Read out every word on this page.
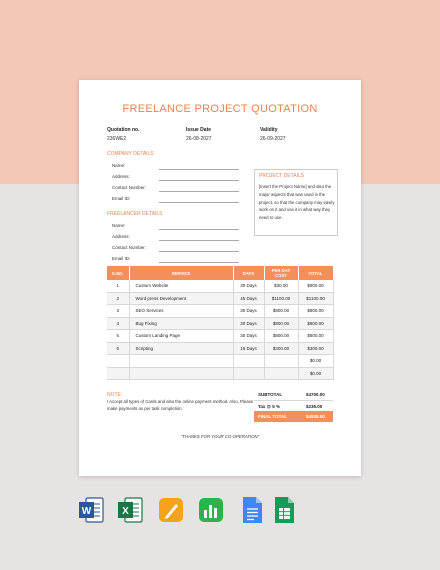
FREELANCE PROJECT QUOTATION
Quotation no.
236WE2
Issue Date
26-08-2027
Validity
26-09-2027
COMPANY DETAILS
Name:
Address:
Contact Number:
Email ID:
FREELANCER DETAILS
Name:
Address:
Contact Number:
Email ID:
PROJECT DETAILS
[Insert the Project Name] and also the major aspects that was used in the project, so that the company may easily work on it and use it in what way they need to use.
S.NO.	SERVICE	DAYS	PER DAY COST	TOTAL
1	Custom Website	30 Days	$30.00	$900.00
2	Word press Development	45 Days	$1100.00	$1100.00
3	SEO Services	30 Days	$800.00	$800.00
4	Bug Fixing	30 Days	$800.00	$800.00
5	Custom Landing Page	30 Days	$800.00	$800.00
6	Scripting	15 Days	$300.00	$300.00
				$0.00
				$0.00
SUBTOTAL	$4700.00
Tax @ 5 %	$235.00
FINAL TOTAL	$4935.00
NOTE:
I Accept all types of Cards and also the online payment method. Also, Please make payments as per task completion.
"THANKS FOR YOUR CO-OPERATION"
W	X
